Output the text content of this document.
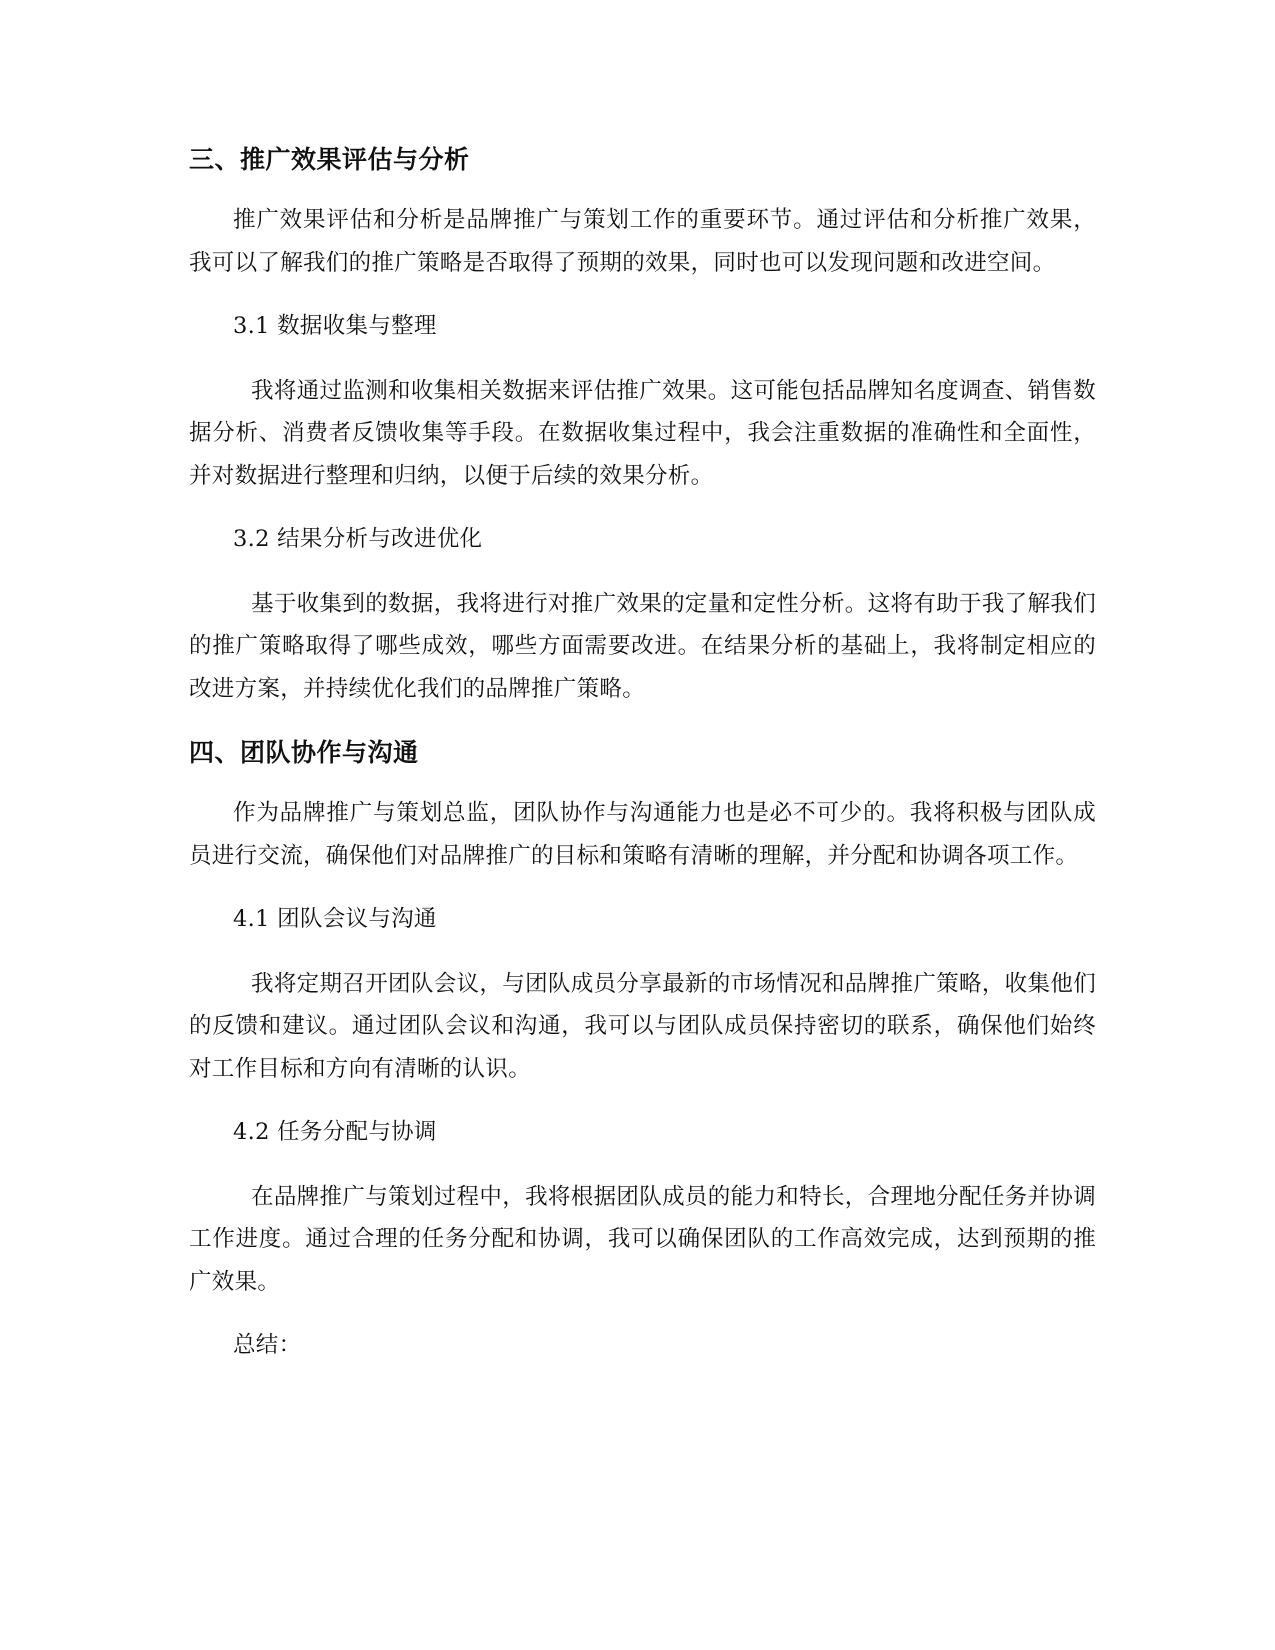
三、推广效果评估与分析

推广效果评估和分析是品牌推广与策划工作的重要环节。通过评估和分析推广效果，我可以了解我们的推广策略是否取得了预期的效果，同时也可以发现问题和改进空间。

3.1 数据收集与整理

我将通过监测和收集相关数据来评估推广效果。这可能包括品牌知名度调查、销售数据分析、消费者反馈收集等手段。在数据收集过程中，我会注重数据的准确性和全面性，并对数据进行整理和归纳，以便于后续的效果分析。

3.2 结果分析与改进优化

基于收集到的数据，我将进行对推广效果的定量和定性分析。这将有助于我了解我们的推广策略取得了哪些成效，哪些方面需要改进。在结果分析的基础上，我将制定相应的改进方案，并持续优化我们的品牌推广策略。

四、团队协作与沟通

作为品牌推广与策划总监，团队协作与沟通能力也是必不可少的。我将积极与团队成员进行交流，确保他们对品牌推广的目标和策略有清晰的理解，并分配和协调各项工作。

4.1 团队会议与沟通

我将定期召开团队会议，与团队成员分享最新的市场情况和品牌推广策略，收集他们的反馈和建议。通过团队会议和沟通，我可以与团队成员保持密切的联系，确保他们始终对工作目标和方向有清晰的认识。

4.2 任务分配与协调

在品牌推广与策划过程中，我将根据团队成员的能力和特长，合理地分配任务并协调工作进度。通过合理的任务分配和协调，我可以确保团队的工作高效完成，达到预期的推广效果。

总结：
